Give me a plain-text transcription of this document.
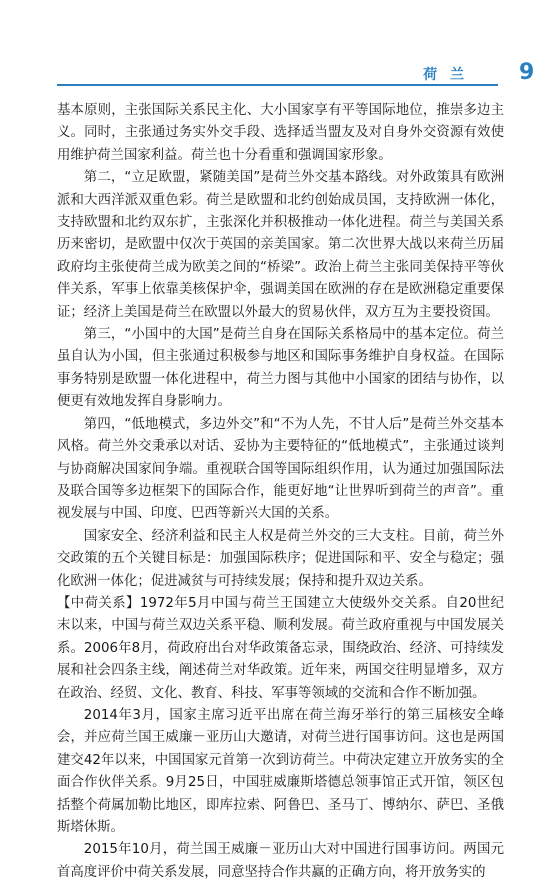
荷 兰 9

基本原则，主张国际关系民主化、大小国家享有平等国际地位，推崇多边主义。同时，主张通过务实外交手段、选择适当盟友及对自身外交资源有效使用维护荷兰国家利益。荷兰也十分看重和强调国家形象。

第二，“立足欧盟，紧随美国”是荷兰外交基本路线。对外政策具有欧洲派和大西洋派双重色彩。荷兰是欧盟和北约创始成员国，支持欧洲一体化，支持欧盟和北约双东扩，主张深化并积极推动一体化进程。荷兰与美国关系历来密切，是欧盟中仅次于英国的亲美国家。第二次世界大战以来荷兰历届政府均主张使荷兰成为欧美之间的“桥梁”。政治上荷兰主张同美保持平等伙伴关系，军事上依靠美核保护伞，强调美国在欧洲的存在是欧洲稳定重要保证；经济上美国是荷兰在欧盟以外最大的贸易伙伴，双方互为主要投资国。

第三，“小国中的大国”是荷兰自身在国际关系格局中的基本定位。荷兰虽自认为小国，但主张通过积极参与地区和国际事务维护自身权益。在国际事务特别是欧盟一体化进程中，荷兰力图与其他中小国家的团结与协作，以便更有效地发挥自身影响力。

第四，“低地模式，多边外交”和“不为人先，不甘人后”是荷兰外交基本风格。荷兰外交秉承以对话、妥协为主要特征的“低地模式”，主张通过谈判与协商解决国家间争端。重视联合国等国际组织作用，认为通过加强国际法及联合国等多边框架下的国际合作，能更好地“让世界听到荷兰的声音”。重视发展与中国、印度、巴西等新兴大国的关系。

国家安全、经济利益和民主人权是荷兰外交的三大支柱。目前，荷兰外交政策的五个关键目标是：加强国际秩序；促进国际和平、安全与稳定；强化欧洲一体化；促进减贫与可持续发展；保持和提升双边关系。

【中荷关系】1972年5月中国与荷兰王国建立大使级外交关系。自20世纪末以来，中国与荷兰双边关系平稳、顺利发展。荷兰政府重视与中国发展关系。2006年8月，荷政府出台对华政策备忘录，围绕政治、经济、可持续发展和社会四条主线，阐述荷兰对华政策。近年来，两国交往明显增多，双方在政治、经贸、文化、教育、科技、军事等领域的交流和合作不断加强。

2014年3月，国家主席习近平出席在荷兰海牙举行的第三届核安全峰会，并应荷兰国王威廉－亚历山大邀请，对荷兰进行国事访问。这也是两国建交42年以来，中国国家元首第一次到访荷兰。中荷决定建立开放务实的全面合作伙伴关系。9月25日，中国驻威廉斯塔德总领事馆正式开馆，领区包括整个荷属加勒比地区，即库拉索、阿鲁巴、圣马丁、博纳尔、萨巴、圣俄斯塔休斯。

2015年10月，荷兰国王威廉－亚历山大对中国进行国事访问。两国元首高度评价中荷关系发展，同意坚持合作共赢的正确方向，将开放务实的
